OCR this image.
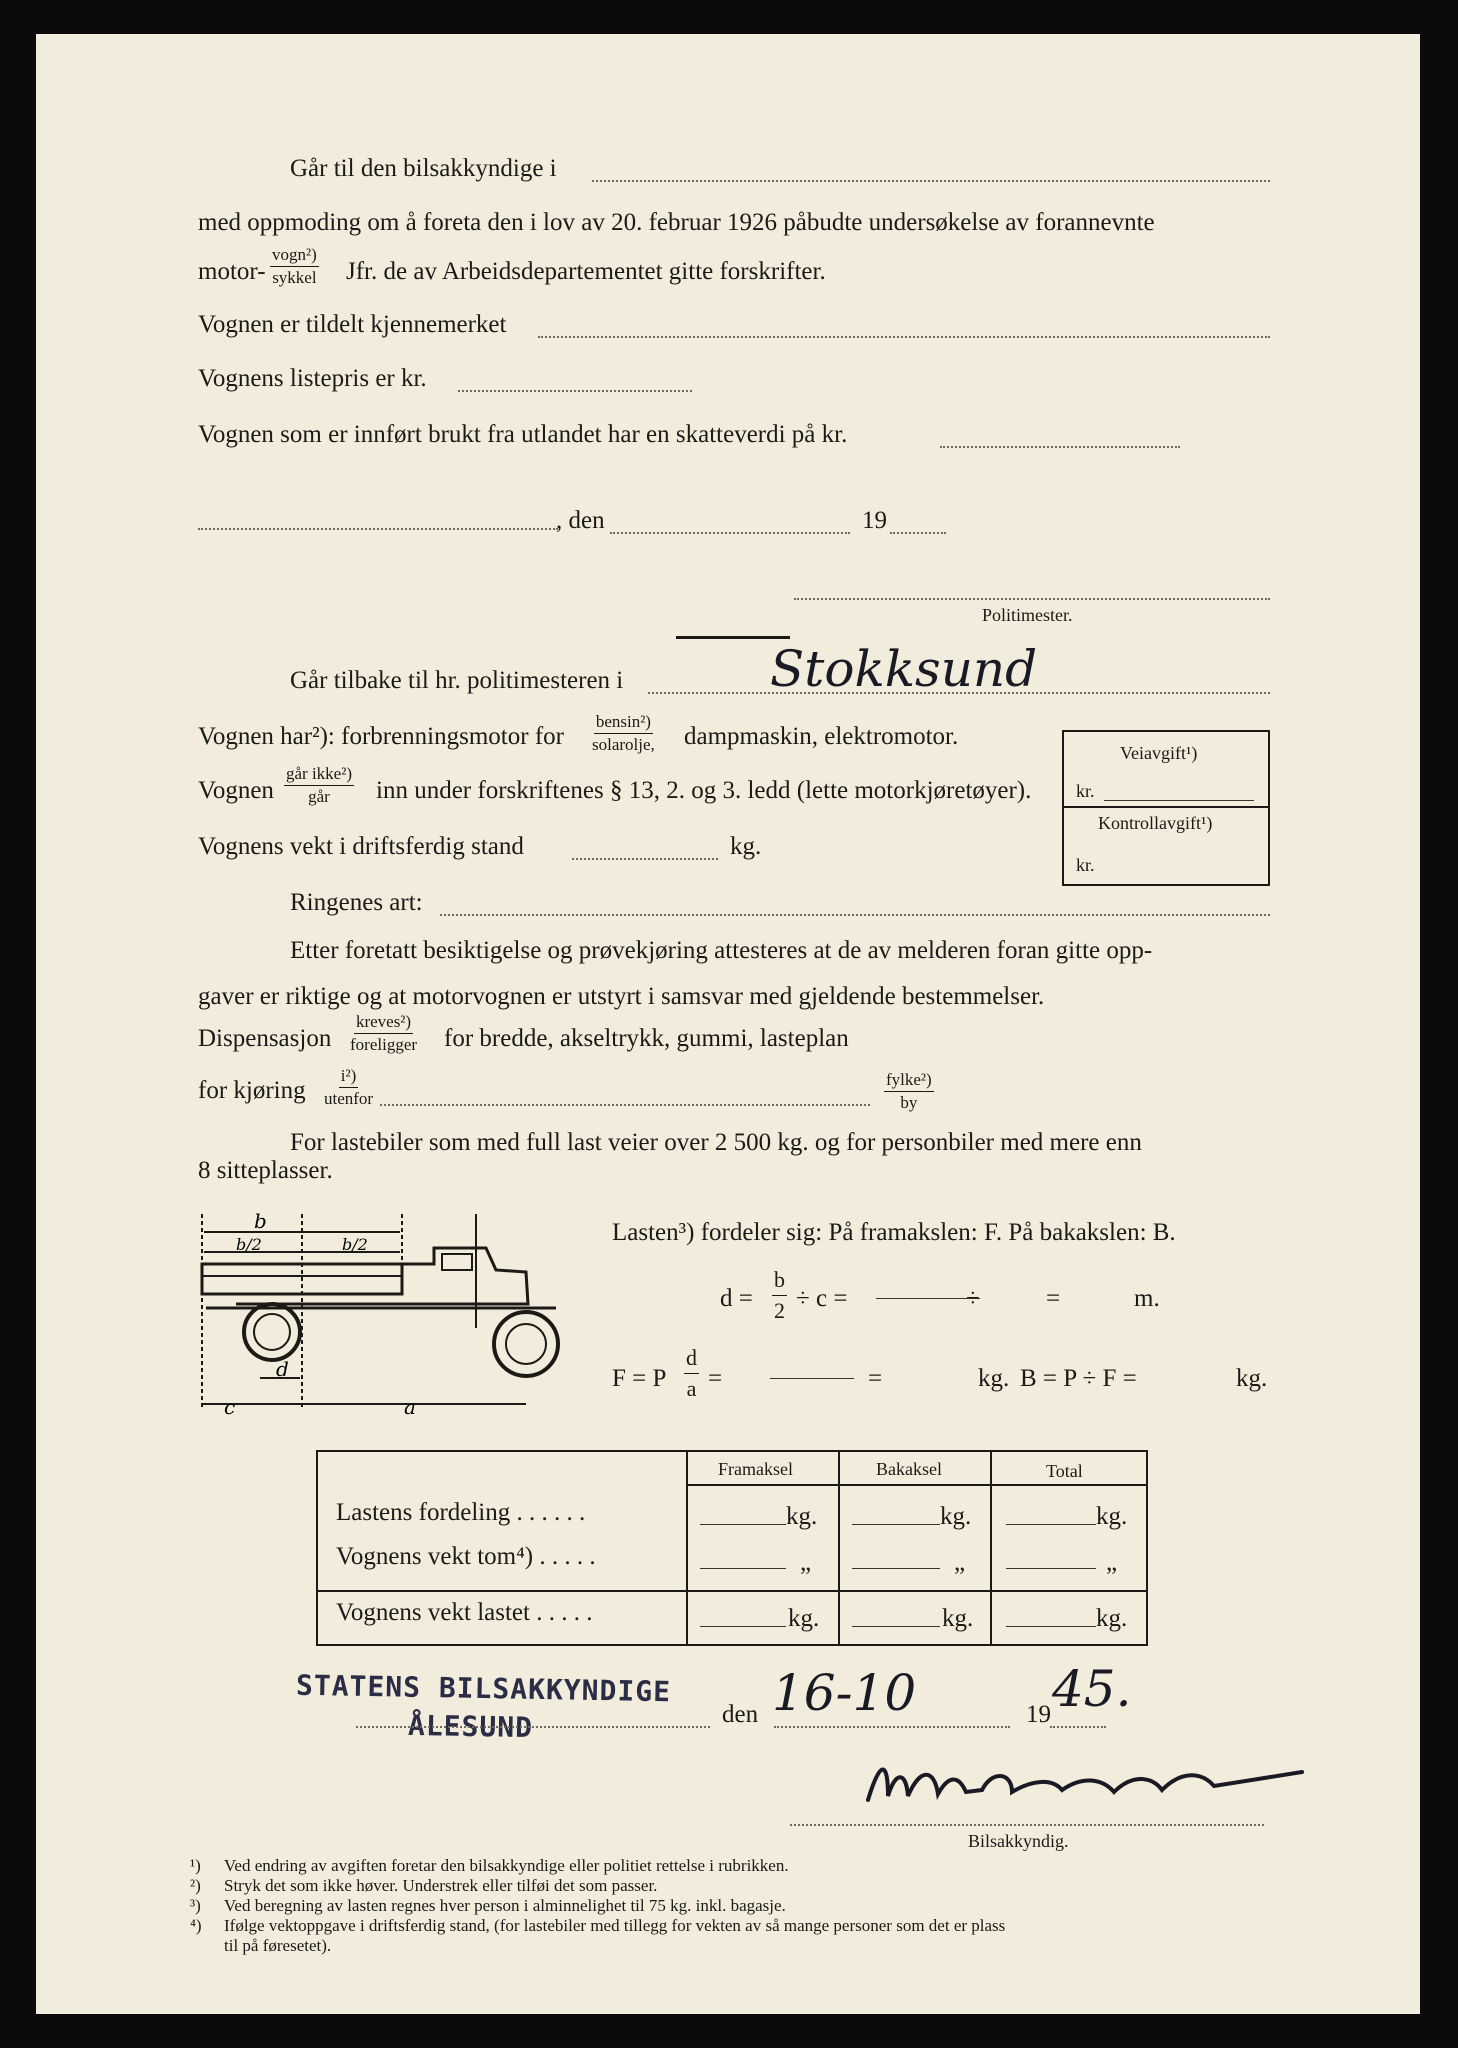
Går til den bilsakkyndige i
med oppmoding om å foreta den i lov av 20. februar 1926 påbudte undersøkelse av forannevnte
motor-
vogn²)
sykkel Jfr. de av Arbeidsdepartementet gitte forskrifter.
Vognen er tildelt kjennemerket
Vognens listepris er kr.
Vognen som er innført brukt fra utlandet har en skatteverdi på kr.
, den	19
Politimester.
Går tilbake til hr. politimesteren i	Stokksund
Vognen har²): forbrenningsmotor for
bensin²)
solarolje, dampmaskin, elektromotor.
Vognen
går ikke²)
går inn under forskriftenes § 13, 2. og 3. ledd (lette motorkjøretøyer).
Vognens vekt i driftsferdig stand	kg.
Veiavgift¹)
kr.
Kontrollavgift¹)
kr.
Ringenes art:
Etter foretatt besiktigelse og prøvekjøring attesteres at de av melderen foran gitte opp-
gaver er riktige og at motorvognen er utstyrt i samsvar med gjeldende bestemmelser.
Dispensasjon
kreves²)
foreligger for bredde, akseltrykk, gummi, lasteplan
for kjøring
i²)
utenfor
fylke²)
by
For lastebiler som med full last veier over 2 500 kg. og for personbiler med mere enn
8 sitteplasser.
b
b/2	b/2
d
c	a
Lasten³) fordeler sig: På framakslen: F. På bakakslen: B.
$d = \frac{b}{2} \div c$ =	÷	=	m.
F = P $\frac{d}{a}$ =	=	kg. B = P ÷ F =	kg.
Framaksel	Bakaksel	Total
Lastens fordeling . . . . . .	kg.	kg.	kg.
Vognens vekt tom⁴) . . . . .	„	„	„
Vognens vekt lastet . . . . .	kg.	kg.	kg.
STATENS BILSAKKYNDIGE
ÅLESUND	den 16-10	19 45.
Bilsakkyndig.
¹) Ved endring av avgiften foretar den bilsakkyndige eller politiet rettelse i rubrikken.
²) Stryk det som ikke høver. Understrek eller tilføi det som passer.
³) Ved beregning av lasten regnes hver person i alminnelighet til 75 kg. inkl. bagasje.
⁴) Ifølge vektoppgave i driftsferdig stand, (for lastebiler med tillegg for vekten av så mange personer som det er plass
til på føresetet).
